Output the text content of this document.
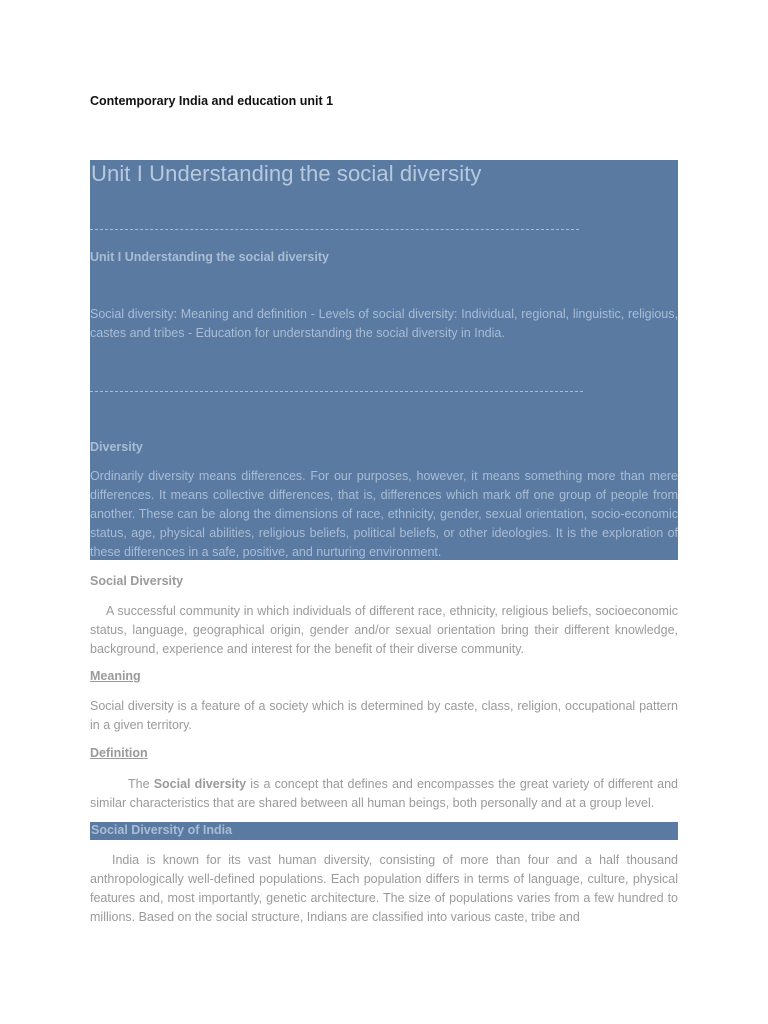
Contemporary India and education unit 1
Unit I Understanding the social diversity
Unit I Understanding the social diversity

Social diversity: Meaning and definition - Levels of social diversity: Individual, regional, linguistic, religious, castes and tribes - Education for understanding the social diversity in India.

Diversity

Ordinarily diversity means differences. For our purposes, however, it means something more than mere differences. It means collective differences, that is, differences which mark off one group of people from another. These can be along the dimensions of race, ethnicity, gender, sexual orientation, socio-economic status, age, physical abilities, religious beliefs, political beliefs, or other ideologies. It is the exploration of these differences in a safe, positive, and nurturing environment.

Social Diversity

A successful community in which individuals of different race, ethnicity, religious beliefs, socioeconomic status, language, geographical origin, gender and/or sexual orientation bring their different knowledge, background, experience and interest for the benefit of their diverse community.

Meaning

Social diversity is a feature of a society which is determined by caste, class, religion, occupational pattern in a given territory.

Definition

The Social diversity is a concept that defines and encompasses the great variety of different and similar characteristics that are shared between all human beings, both personally and at a group level.

Social Diversity of India

India is known for its vast human diversity, consisting of more than four and a half thousand anthropologically well-defined populations. Each population differs in terms of language, culture, physical features and, most importantly, genetic architecture. The size of populations varies from a few hundred to millions. Based on the social structure, Indians are classified into various caste, tribe and
